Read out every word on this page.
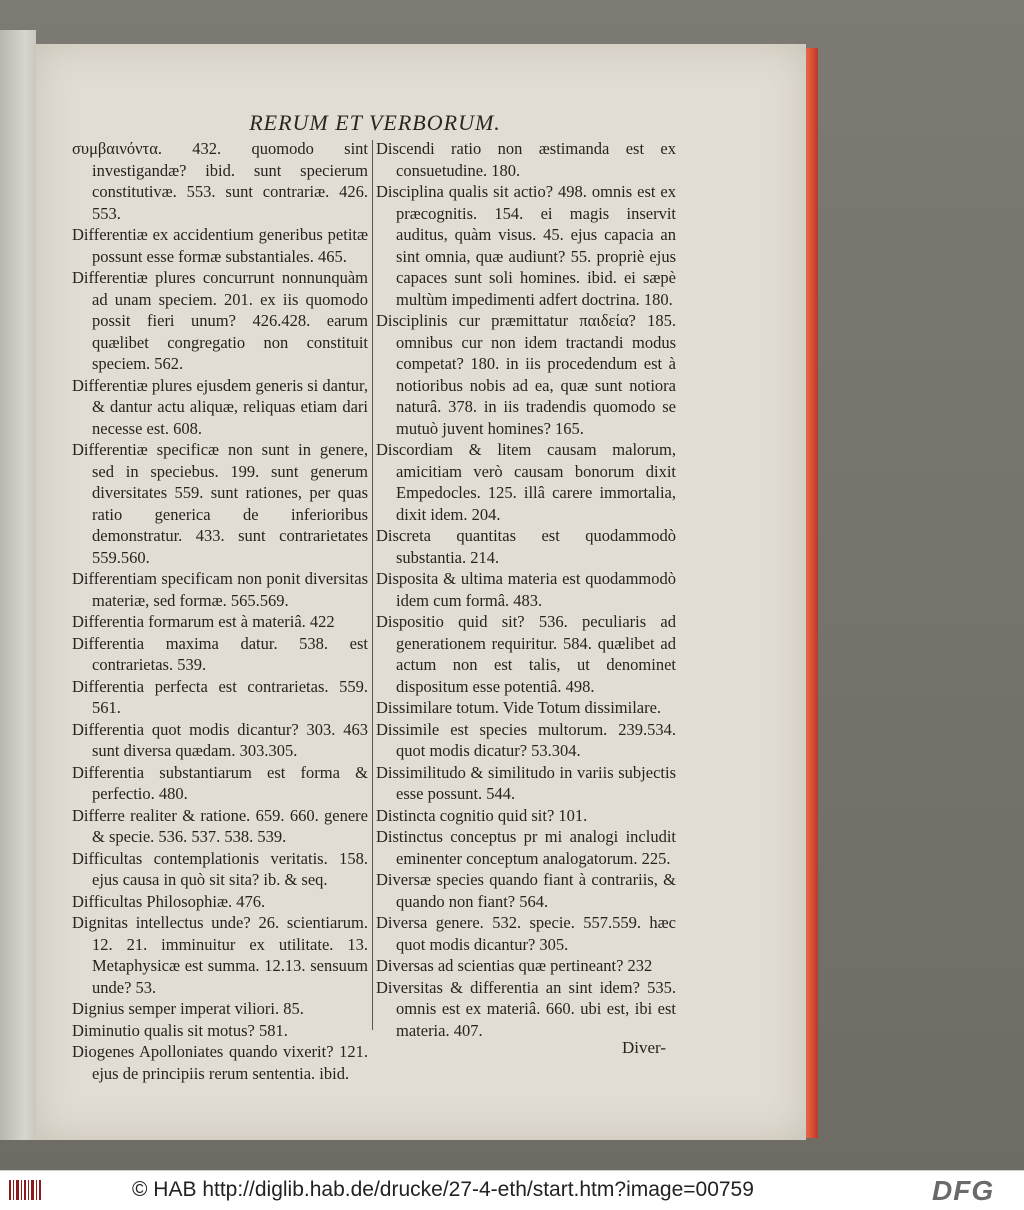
RERUM ET VERBORUM.

συμβαινόντα. 432. quomodo sint investigandæ? ibid. sunt specierum constitutivæ. 553. sunt contrariæ. 426. 553.

Differentiæ ex accidentium generibus petitæ possunt esse formæ substantiales. 465.

Differentiæ plures concurrunt nonnunquàm ad unam speciem. 201. ex iis quomodo possit fieri unum? 426.428. earum quælibet congregatio non constituit speciem. 562.

Differentiæ plures ejusdem generis si dantur, & dantur actu aliquæ, reliquas etiam dari necesse est. 608.

Differentiæ specificæ non sunt in genere, sed in speciebus. 199. sunt generum diversitates 559. sunt rationes, per quas ratio generica de inferioribus demonstratur. 433. sunt contrarietates 559.560.

Differentiam specificam non ponit diversitas materiæ, sed formæ. 565.569.

Differentia formarum est à materiâ. 422

Differentia maxima datur. 538. est contrarietas. 539.

Differentia perfecta est contrarietas. 559. 561.

Differentia quot modis dicantur? 303. 463 sunt diversa quædam. 303.305.

Differentia substantiarum est forma & perfectio. 480.

Differre realiter & ratione. 659. 660. genere & specie. 536. 537. 538. 539.

Difficultas contemplationis veritatis. 158. ejus causa in quò sit sita? ib. & seq.

Difficultas Philosophiæ. 476.

Dignitas intellectus unde? 26. scientiarum. 12. 21. imminuitur ex utilitate. 13. Metaphysicæ est summa. 12.13. sensuum unde? 53.

Dignius semper imperat viliori. 85.

Diminutio qualis sit motus? 581.

Diogenes Apolloniates quando vixerit? 121. ejus de principiis rerum sententia. ibid.

Discendi ratio non æstimanda est ex consuetudine. 180.

Disciplina qualis sit actio? 498. omnis est ex præcognitis. 154. ei magis inservit auditus, quàm visus. 45. ejus capacia an sint omnia, quæ audiunt? 55. propriè ejus capaces sunt soli homines. ibid. ei sæpè multùm impedimenti adfert doctrina. 180.

Disciplinis cur præmittatur παιδεία? 185. omnibus cur non idem tractandi modus competat? 180. in iis procedendum est à notioribus nobis ad ea, quæ sunt notiora naturâ. 378. in iis tradendis quomodo se mutuò juvent homines? 165.

Discordiam & litem causam malorum, amicitiam verò causam bonorum dixit Empedocles. 125. illâ carere immortalia, dixit idem. 204.

Discreta quantitas est quodammodò substantia. 214.

Disposita & ultima materia est quodammodò idem cum formâ. 483.

Dispositio quid sit? 536. peculiaris ad generationem requiritur. 584. quælibet ad actum non est talis, ut denominet dispositum esse potentiâ. 498.

Dissimilare totum. Vide Totum dissimilare.

Dissimile est species multorum. 239.534. quot modis dicatur? 53.304.

Dissimilitudo & similitudo in variis subjectis esse possunt. 544.

Distincta cognitio quid sit? 101.

Distinctus conceptus pr mi analogi includit eminenter conceptum analogatorum. 225.

Diversæ species quando fiant à contrariis, & quando non fiant? 564.

Diversa genere. 532. specie. 557.559. hæc quot modis dicantur? 305.

Diversas ad scientias quæ pertineant? 232

Diversitas & differentia an sint idem? 535. omnis est ex materiâ. 660. ubi est, ibi est materia. 407.

Diver-
© HAB http://diglib.hab.de/drucke/27-4-eth/start.htm?image=00759	DFG
